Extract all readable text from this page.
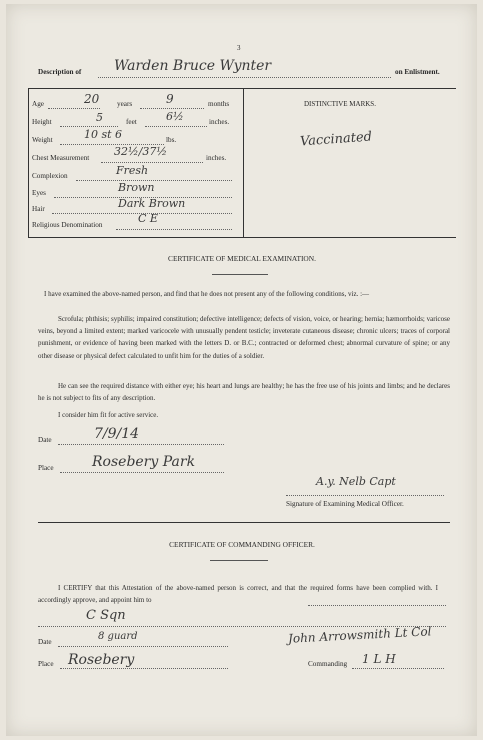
3
Description of Warden Bruce Wynter	on Enlistment.
Age	20 years	9	months
Height	5	feet	6½	inches.
Weight	10 st 6	lbs.
Chest Measurement 32½/37½	inches.
Complexion	Fresh
Eyes	Brown
Hair	Dark Brown
Religious Denomination	C E
DISTINCTIVE MARKS.
Vaccinated
CERTIFICATE OF MEDICAL EXAMINATION.
I have examined the above-named person, and find that he does not present any of the following conditions, viz. :—
Scrofula; phthisis; syphilis; impaired constitution; defective intelligence; defects of vision, voice, or hearing; hernia; hæmorrhoids; varicose veins, beyond a limited extent; marked varicocele with unusually pendent testicle; inveterate cutaneous disease; chronic ulcers; traces of corporal punishment, or evidence of having been marked with the letters D. or B.C.; contracted or deformed chest; abnormal curvature of spine; or any other disease or physical defect calculated to unfit him for the duties of a soldier.
He can see the required distance with either eye; his heart and lungs are healthy; he has the free use of his joints and limbs; and he declares he is not subject to fits of any description.
I consider him fit for active service.
Date	7/9/14
Place	Rosebery Park
A.y. Nelb Capt
Signature of Examining Medical Officer.
CERTIFICATE OF COMMANDING OFFICER.
I CERTIFY that this Attestation of the above-named person is correct, and that the required forms have been complied with. I accordingly approve, and appoint him to
C Sqn
Date	8 guard	John Arrowsmith Lt Col
Place Rosebery	Commanding 1 L H
